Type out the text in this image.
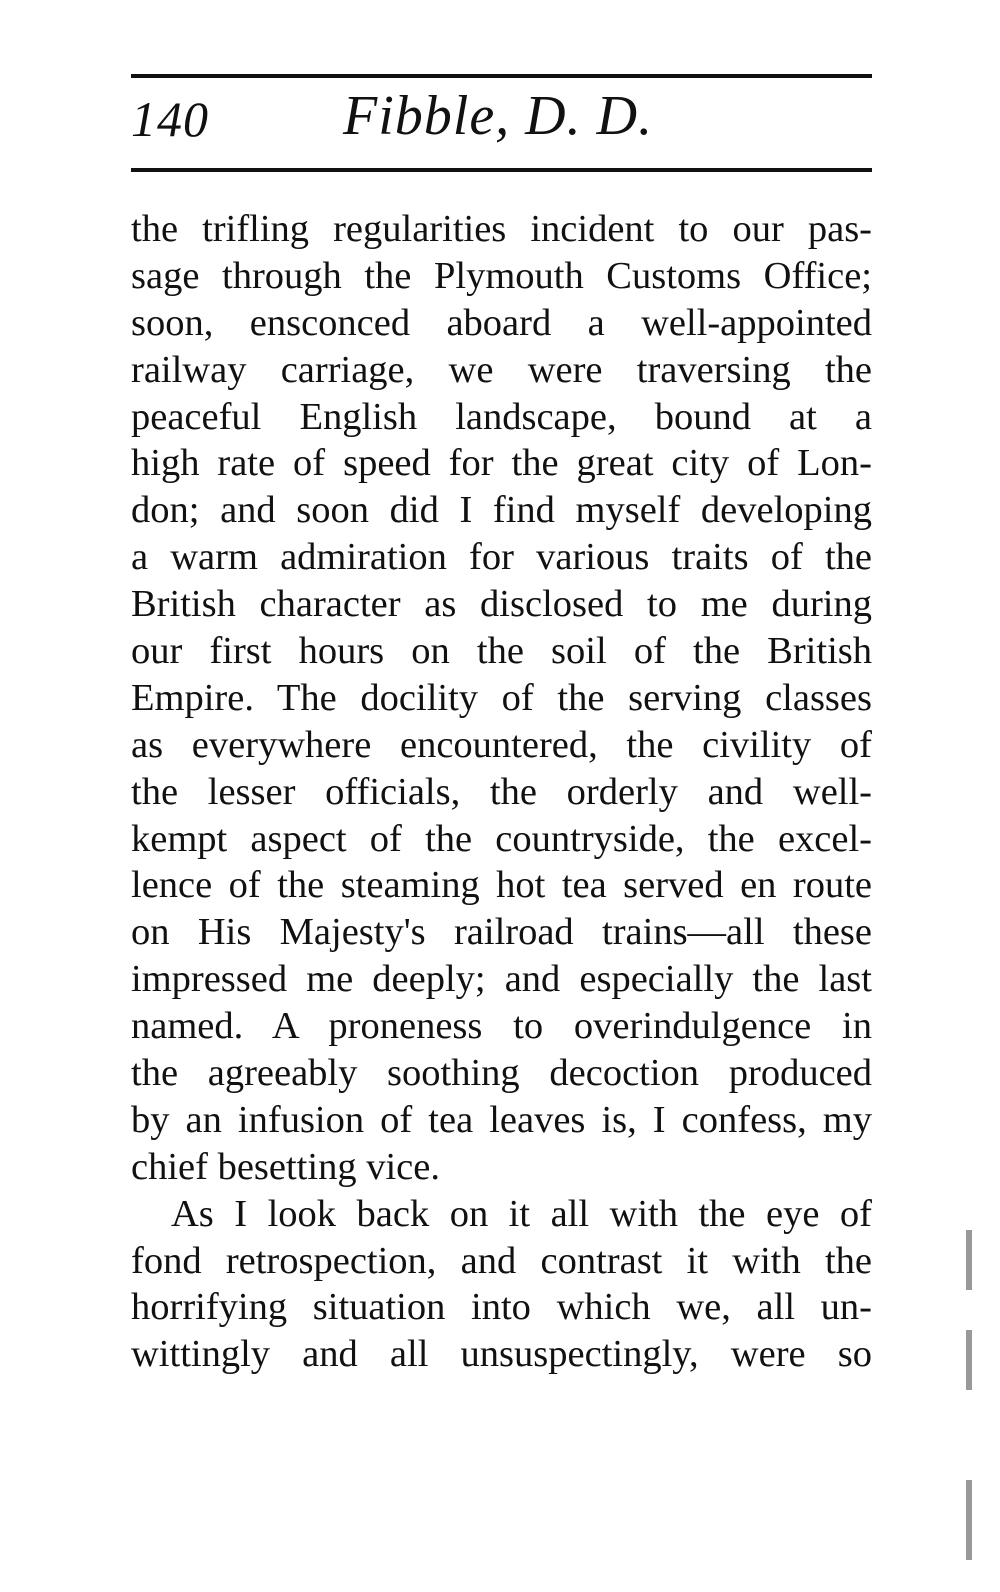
140 Fibble, D. D.
the trifling regularities incident to our pas-
sage through the Plymouth Customs Office;
soon, ensconced aboard a well-appointed
railway carriage, we were traversing the
peaceful English landscape, bound at a
high rate of speed for the great city of Lon-
don; and soon did I find myself developing
a warm admiration for various traits of the
British character as disclosed to me during
our first hours on the soil of the British
Empire. The docility of the serving classes
as everywhere encountered, the civility of
the lesser officials, the orderly and well-
kempt aspect of the countryside, the excel-
lence of the steaming hot tea served en route
on His Majesty's railroad trains—all these
impressed me deeply; and especially the last
named. A proneness to overindulgence in
the agreeably soothing decoction produced
by an infusion of tea leaves is, I confess, my
chief besetting vice.
As I look back on it all with the eye of
fond retrospection, and contrast it with the
horrifying situation into which we, all un-
wittingly and all unsuspectingly, were so
